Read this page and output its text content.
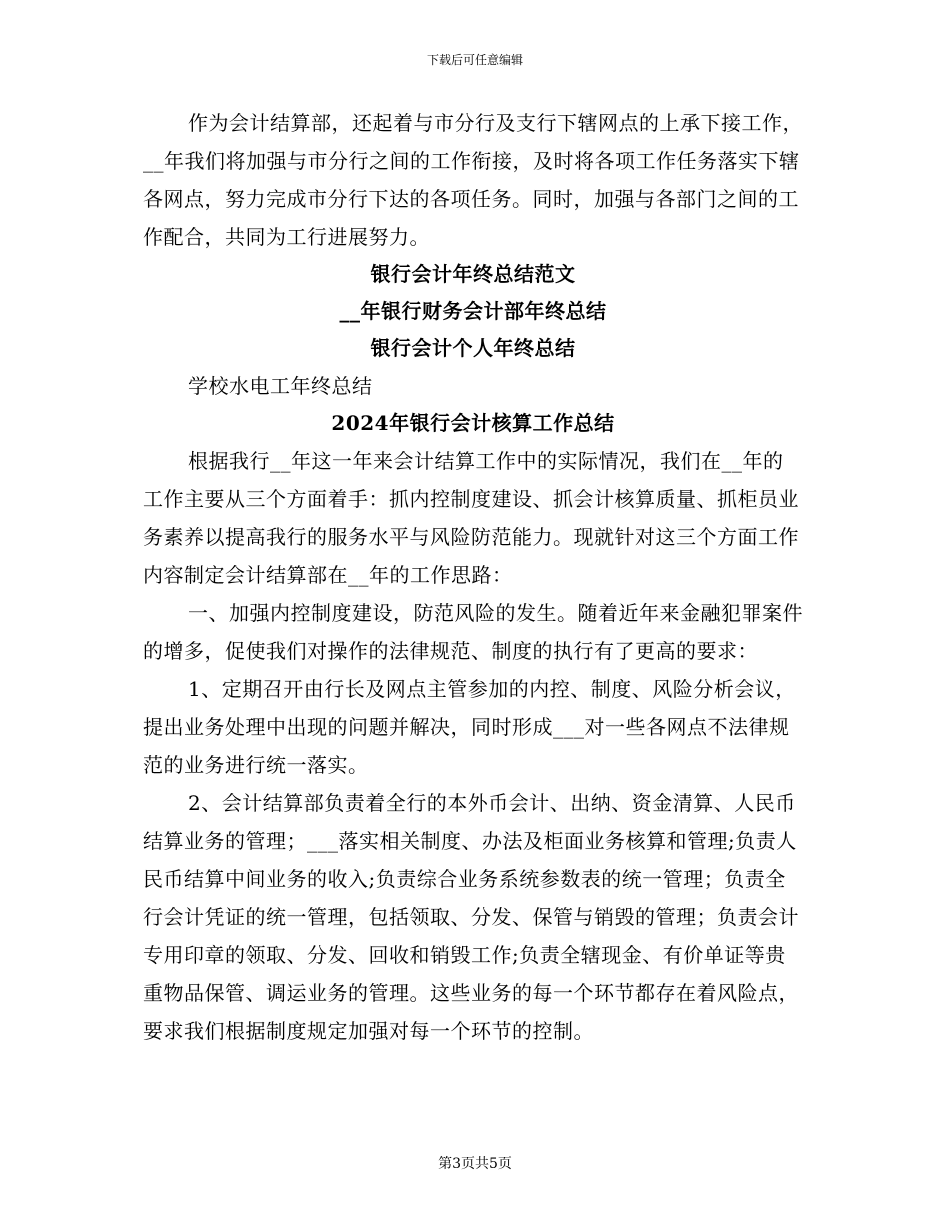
下载后可任意编辑

作为会计结算部，还起着与市分行及支行下辖网点的上承下接工作，__年我们将加强与市分行之间的工作衔接，及时将各项工作任务落实下辖各网点，努力完成市分行下达的各项任务。同时，加强与各部门之间的工作配合，共同为工行进展努力。

银行会计年终总结范文

__年银行财务会计部年终总结

银行会计个人年终总结

学校水电工年终总结

2024年银行会计核算工作总结

根据我行__年这一年来会计结算工作中的实际情况，我们在__年的工作主要从三个方面着手：抓内控制度建设、抓会计核算质量、抓柜员业务素养以提高我行的服务水平与风险防范能力。现就针对这三个方面工作内容制定会计结算部在__年的工作思路：

一、加强内控制度建设，防范风险的发生。随着近年来金融犯罪案件的增多，促使我们对操作的法律规范、制度的执行有了更高的要求：

1、定期召开由行长及网点主管参加的内控、制度、风险分析会议，提出业务处理中出现的问题并解决，同时形成___对一些各网点不法律规范的业务进行统一落实。

2、会计结算部负责着全行的本外币会计、出纳、资金清算、人民币结算业务的管理；___落实相关制度、办法及柜面业务核算和管理;负责人民币结算中间业务的收入;负责综合业务系统参数表的统一管理；负责全行会计凭证的统一管理，包括领取、分发、保管与销毁的管理；负责会计专用印章的领取、分发、回收和销毁工作;负责全辖现金、有价单证等贵重物品保管、调运业务的管理。这些业务的每一个环节都存在着风险点，要求我们根据制度规定加强对每一个环节的控制。

第3页共5页
